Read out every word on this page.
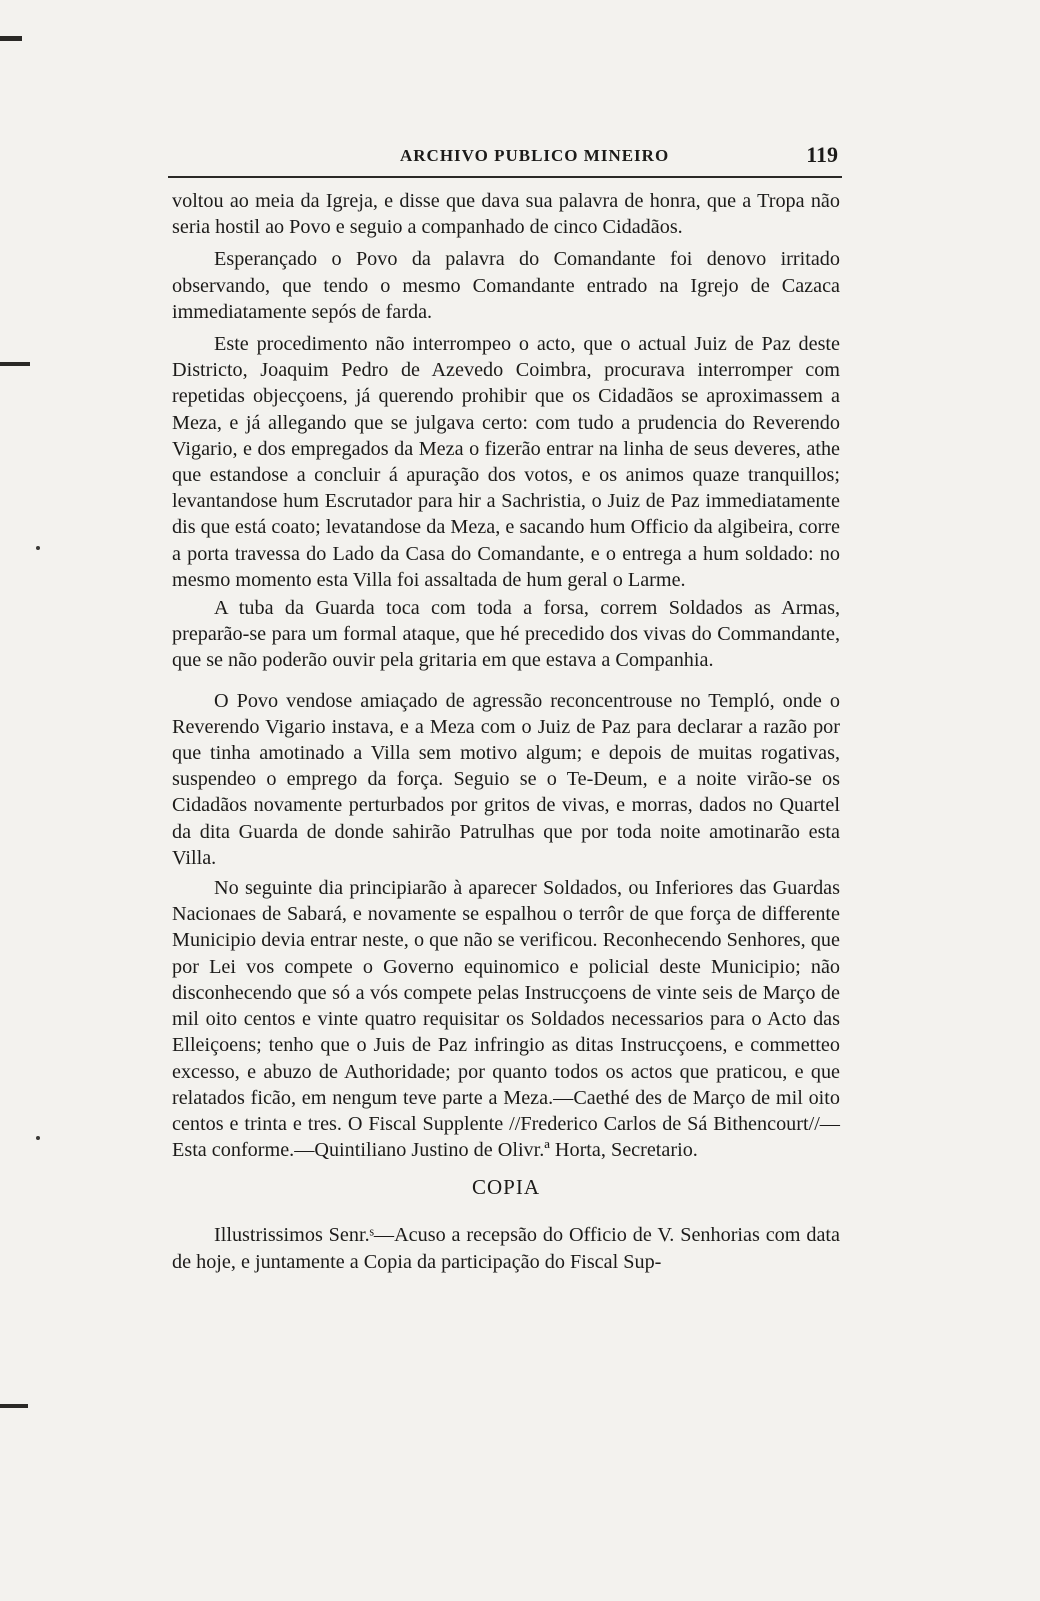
ARCHIVO PUBLICO MINEIRO	119

voltou ao meia da Igreja, e disse que dava sua palavra de honra, que a Tropa não seria hostil ao Povo e seguio a companhado de cinco Cidadãos.

Esperançado o Povo da palavra do Comandante foi denovo irritado observando, que tendo o mesmo Comandante entrado na Igrejo de Cazaca immediatamente sepós de farda.

Este procedimento não interrompeo o acto, que o actual Juiz de Paz deste Districto, Joaquim Pedro de Azevedo Coimbra, procurava interromper com repetidas objecçoens, já querendo prohibir que os Cidadãos se aproximassem a Meza, e já allegando que se julgava certo: com tudo a prudencia do Reverendo Vigario, e dos empregados da Meza o fizerão entrar na linha de seus deveres, athe que estandose a concluir á apuração dos votos, e os animos quaze tranquillos; levantandose hum Escrutador para hir a Sachristia, o Juiz de Paz immediatamente dis que está coato; levatandose da Meza, e sacando hum Officio da algibeira, corre a porta travessa do Lado da Casa do Comandante, e o entrega a hum soldado: no mesmo momento esta Villa foi assaltada de hum geral o Larme.

A tuba da Guarda toca com toda a forsa, correm Soldados as Armas, preparão-se para um formal ataque, que hé precedido dos vivas do Commandante, que se não poderão ouvir pela gritaria em que estava a Companhia.

O Povo vendose amiaçado de agressão reconcentrouse no Templó, onde o Reverendo Vigario instava, e a Meza com o Juiz de Paz para declarar a razão por que tinha amotinado a Villa sem motivo algum; e depois de muitas rogativas, suspendeo o emprego da força. Seguio se o Te-Deum, e a noite virão-se os Cidadãos novamente perturbados por gritos de vivas, e morras, dados no Quartel da dita Guarda de donde sahirão Patrulhas que por toda noite amotinarão esta Villa.

No seguinte dia principiarão à aparecer Soldados, ou Inferiores das Guardas Nacionaes de Sabará, e novamente se espalhou o terrôr de que força de differente Municipio devia entrar neste, o que não se verificou. Reconhecendo Senhores, que por Lei vos compete o Governo equinomico e policial deste Municipio; não disconhecendo que só a vós compete pelas Instrucçoens de vinte seis de Março de mil oito centos e vinte quatro requisitar os Soldados necessarios para o Acto das Elleiçoens; tenho que o Juis de Paz infringio as ditas Instrucçoens, e commetteo excesso, e abuzo de Authoridade; por quanto todos os actos que praticou, e que relatados ficão, em nengum teve parte a Meza.—Caethé des de Março de mil oito centos e trinta e tres. O Fiscal Supplente //Frederico Carlos de Sá Bithencourt//—Esta conforme.—Quintiliano Justino de Olivr.ª Horta, Secretario.

COPIA

Illustrissimos Senr.ˢ—Acuso a recepsão do Officio de V. Senhorias com data de hoje, e juntamente a Copia da participação do Fiscal Sup-
